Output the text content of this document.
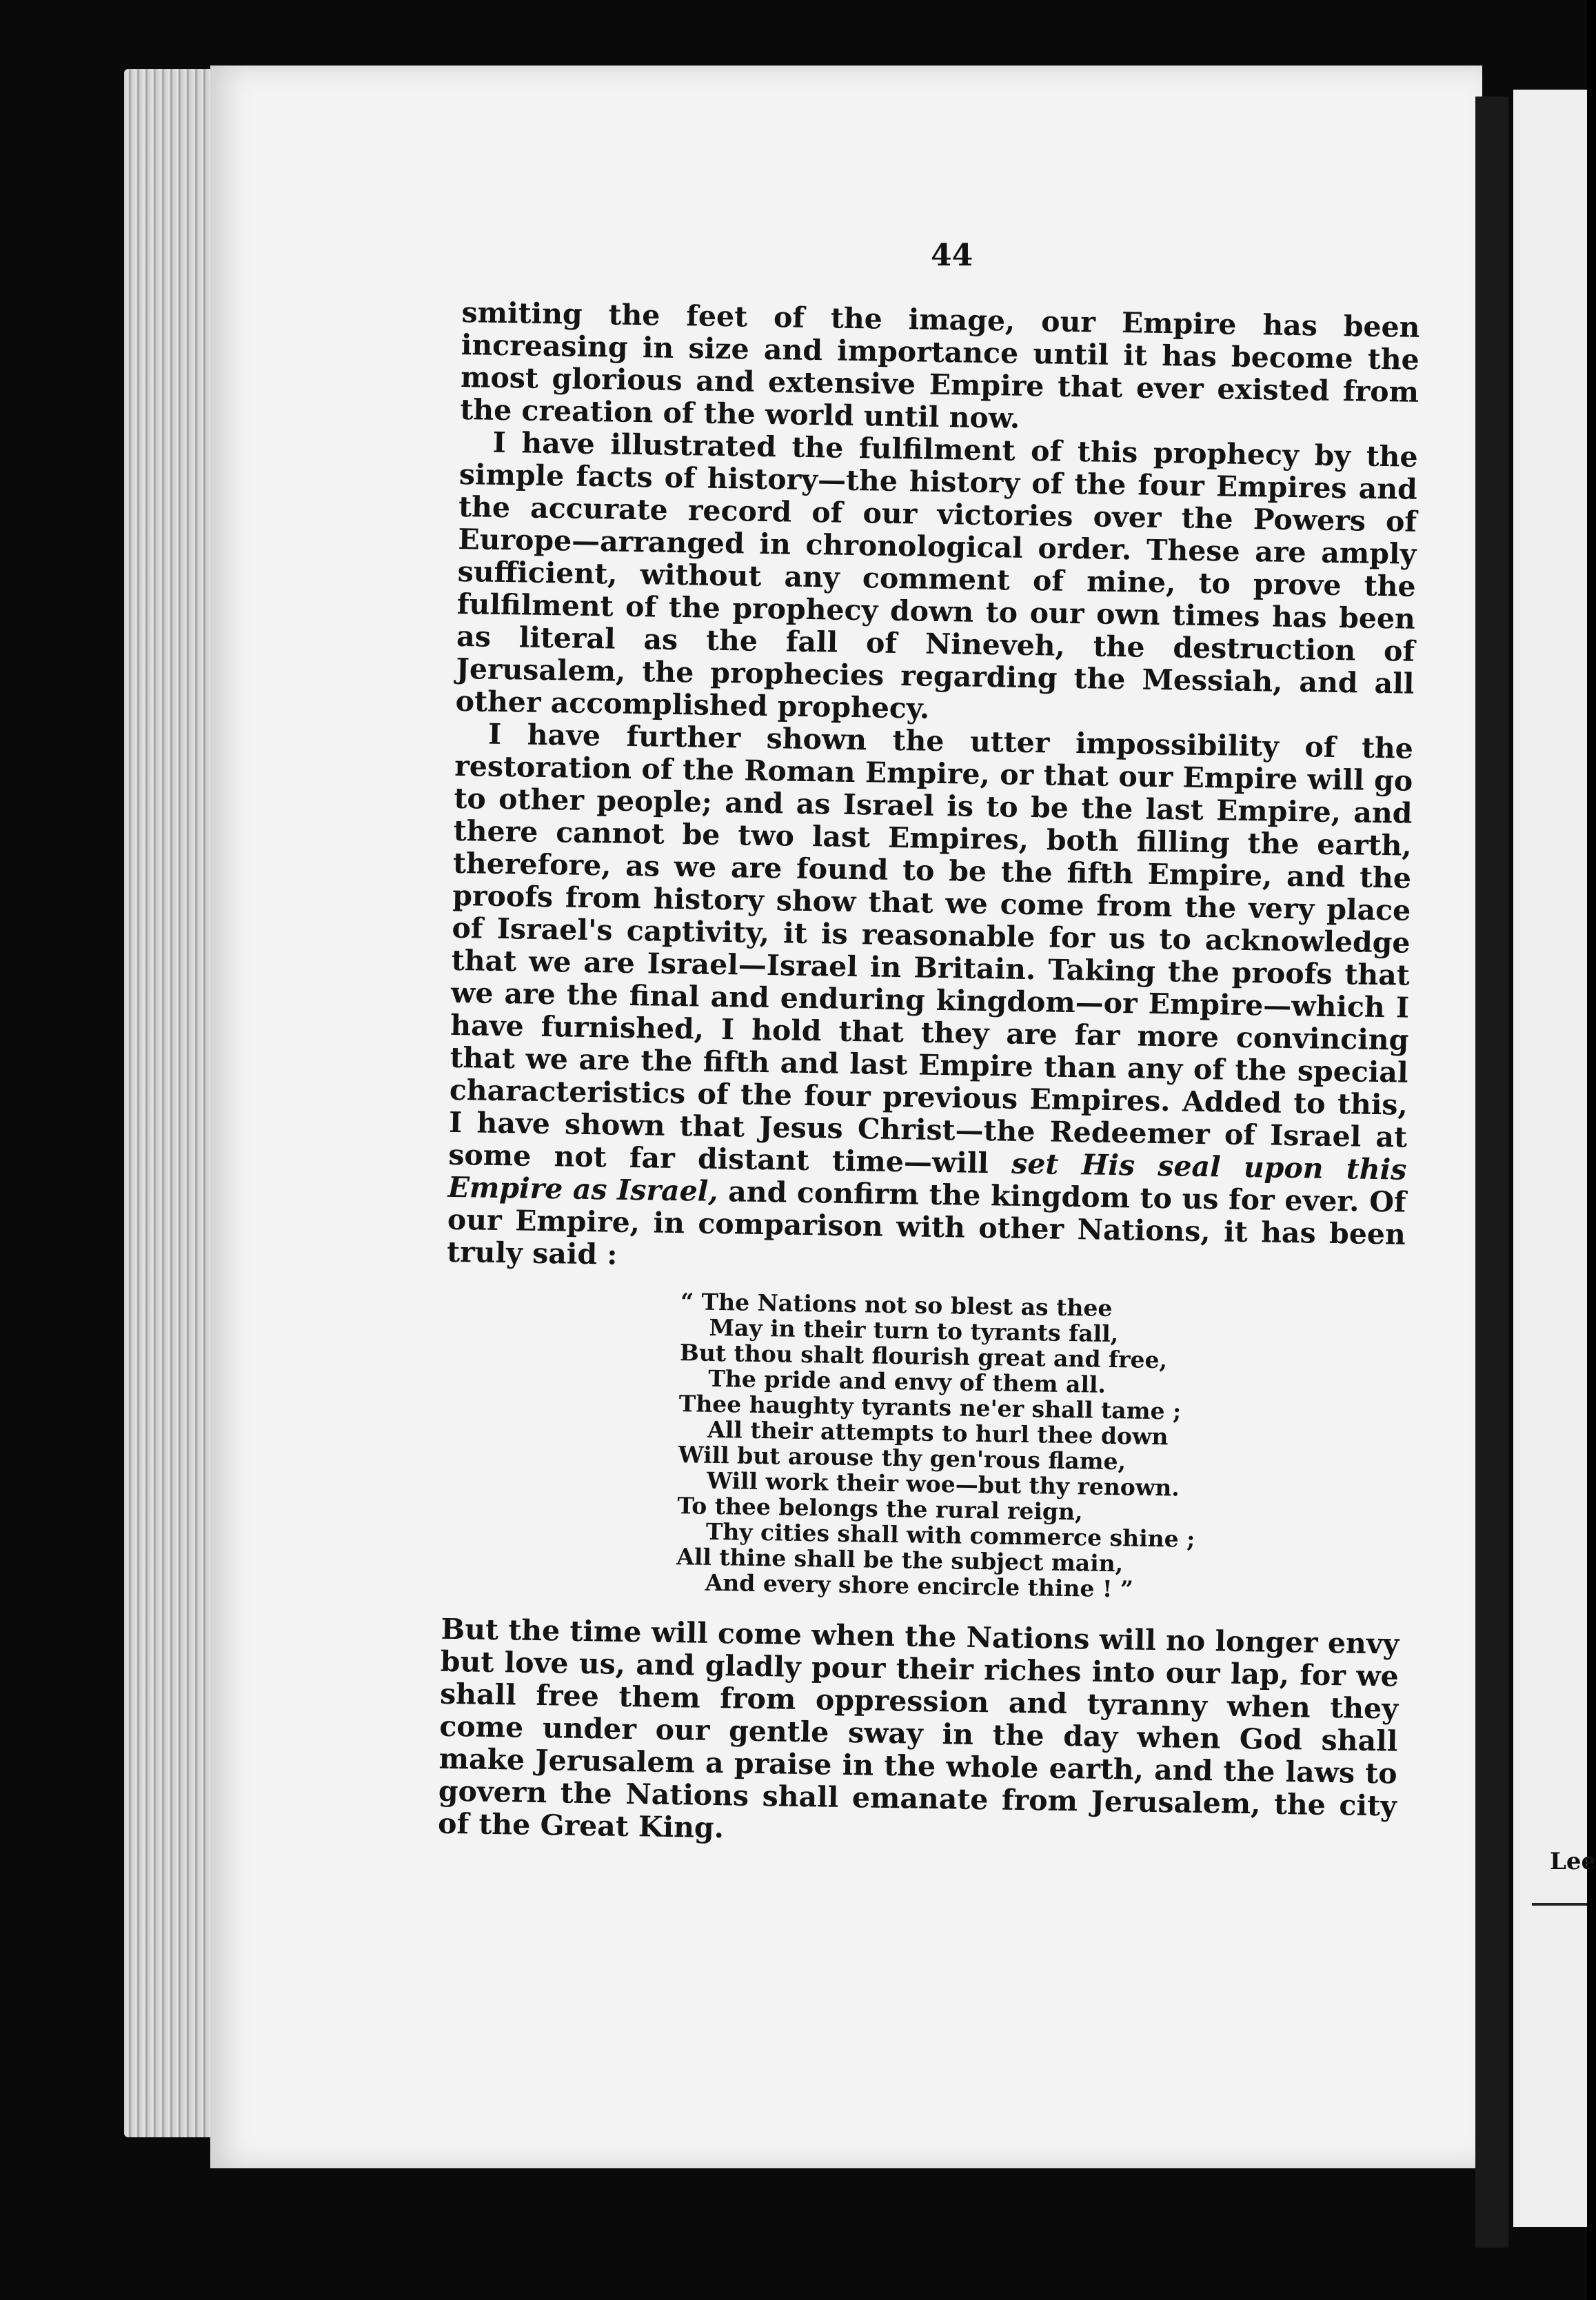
Lee
44

smiting the feet of the image, our Empire has been increasing in size and importance until it has become the most glorious and extensive Empire that ever existed from the creation of the world until now.

I have illustrated the fulfilment of this prophecy by the simple facts of history—the history of the four Empires and the accurate record of our victories over the Powers of Europe—arranged in chronological order. These are amply sufficient, without any comment of mine, to prove the fulfilment of the prophecy down to our own times has been as literal as the fall of Nineveh, the destruction of Jerusalem, the prophecies regarding the Messiah, and all other accomplished prophecy.

I have further shown the utter impossibility of the restoration of the Roman Empire, or that our Empire will go to other people; and as Israel is to be the last Empire, and there cannot be two last Empires, both filling the earth, therefore, as we are found to be the fifth Empire, and the proofs from history show that we come from the very place of Israel's captivity, it is reasonable for us to acknowledge that we are Israel—Israel in Britain. Taking the proofs that we are the final and enduring kingdom—or Empire—which I have furnished, I hold that they are far more convincing that we are the fifth and last Empire than any of the special characteristics of the four previous Empires. Added to this, I have shown that Jesus Christ—the Redeemer of Israel at some not far distant time—will set His seal upon this Empire as Israel, and confirm the kingdom to us for ever. Of our Empire, in comparison with other Nations, it has been truly said :

“ The Nations not so blest as thee
May in their turn to tyrants fall,
But thou shalt flourish great and free,
The pride and envy of them all.
Thee haughty tyrants ne'er shall tame ;
All their attempts to hurl thee down
Will but arouse thy gen'rous flame,
Will work their woe—but thy renown.
To thee belongs the rural reign,
Thy cities shall with commerce shine ;
All thine shall be the subject main,
And every shore encircle thine ! ”

But the time will come when the Nations will no longer envy but love us, and gladly pour their riches into our lap, for we shall free them from oppression and tyranny when they come under our gentle sway in the day when God shall make Jerusalem a praise in the whole earth, and the laws to govern the Nations shall emanate from Jerusalem, the city of the Great King.
